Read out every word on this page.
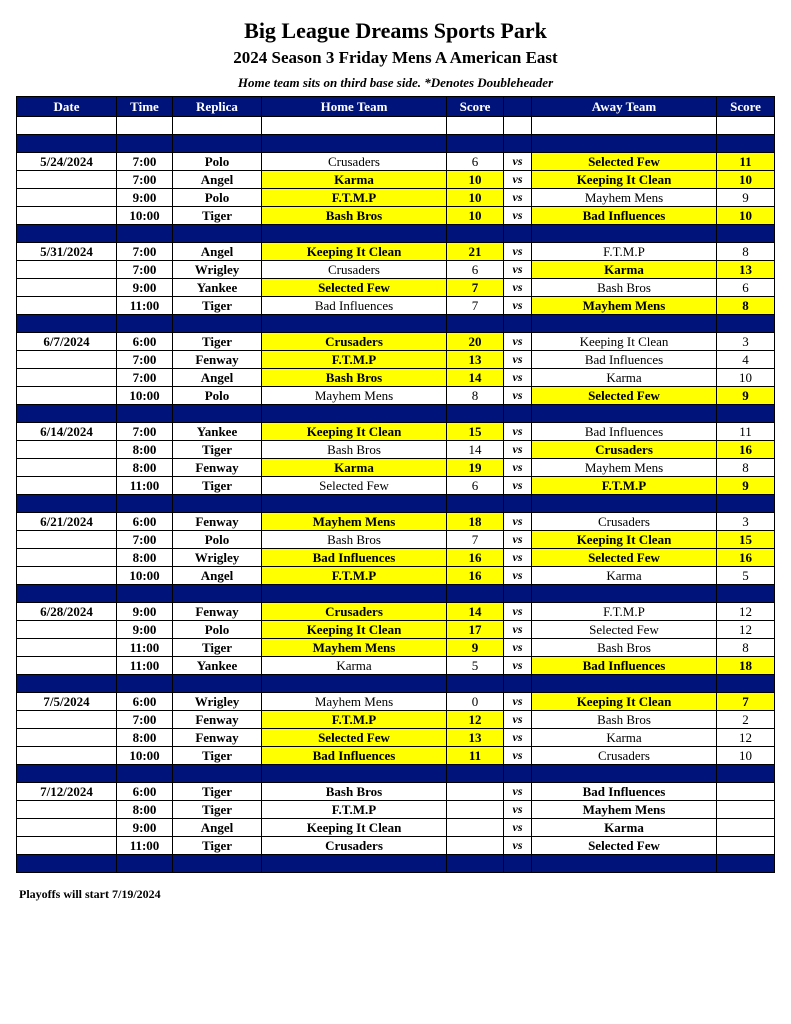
Big League Dreams Sports Park
2024 Season 3 Friday Mens A American East
Home team sits on third base side. *Denotes Doubleheader
Date	Time	Replica	Home Team	Score		Away Team	Score

5/24/2024	7:00	Polo	Crusaders	6	vs	Selected Few	11
	7:00	Angel	Karma	10	vs	Keeping It Clean	10
	9:00	Polo	F.T.M.P	10	vs	Mayhem Mens	9
	10:00	Tiger	Bash Bros	10	vs	Bad Influences	10

5/31/2024	7:00	Angel	Keeping It Clean	21	vs	F.T.M.P	8
	7:00	Wrigley	Crusaders	6	vs	Karma	13
	9:00	Yankee	Selected Few	7	vs	Bash Bros	6
	11:00	Tiger	Bad Influences	7	vs	Mayhem Mens	8

6/7/2024	6:00	Tiger	Crusaders	20	vs	Keeping It Clean	3
	7:00	Fenway	F.T.M.P	13	vs	Bad Influences	4
	7:00	Angel	Bash Bros	14	vs	Karma	10
	10:00	Polo	Mayhem Mens	8	vs	Selected Few	9

6/14/2024	7:00	Yankee	Keeping It Clean	15	vs	Bad Influences	11
	8:00	Tiger	Bash Bros	14	vs	Crusaders	16
	8:00	Fenway	Karma	19	vs	Mayhem Mens	8
	11:00	Tiger	Selected Few	6	vs	F.T.M.P	9

6/21/2024	6:00	Fenway	Mayhem Mens	18	vs	Crusaders	3
	7:00	Polo	Bash Bros	7	vs	Keeping It Clean	15
	8:00	Wrigley	Bad Influences	16	vs	Selected Few	16
	10:00	Angel	F.T.M.P	16	vs	Karma	5

6/28/2024	9:00	Fenway	Crusaders	14	vs	F.T.M.P	12
	9:00	Polo	Keeping It Clean	17	vs	Selected Few	12
	11:00	Tiger	Mayhem Mens	9	vs	Bash Bros	8
	11:00	Yankee	Karma	5	vs	Bad Influences	18

7/5/2024	6:00	Wrigley	Mayhem Mens	0	vs	Keeping It Clean	7
	7:00	Fenway	F.T.M.P	12	vs	Bash Bros	2
	8:00	Fenway	Selected Few	13	vs	Karma	12
	10:00	Tiger	Bad Influences	11	vs	Crusaders	10

7/12/2024	6:00	Tiger	Bash Bros		vs	Bad Influences	
	8:00	Tiger	F.T.M.P		vs	Mayhem Mens	
	9:00	Angel	Keeping It Clean		vs	Karma	
	11:00	Tiger	Crusaders		vs	Selected Few	

Playoffs will start 7/19/2024
